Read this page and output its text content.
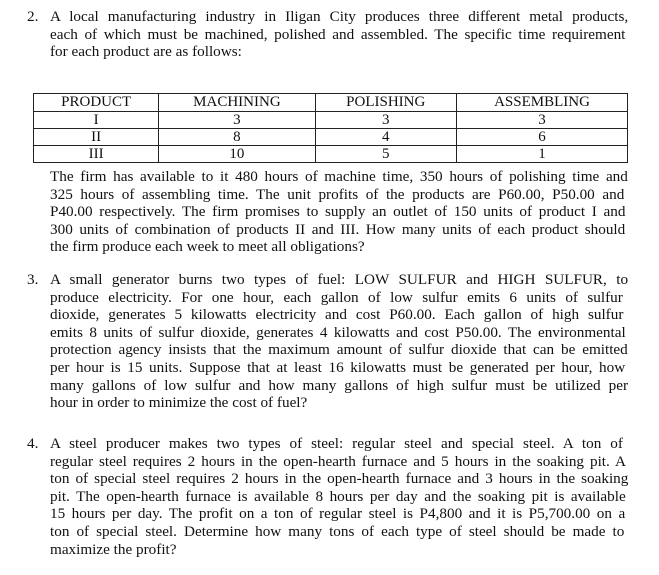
2. A local manufacturing industry in Iligan City produces three different metal products,
each of which must be machined, polished and assembled. The specific time requirement
for each product are as follows:
PRODUCT	MACHINING	POLISHING	ASSEMBLING
I	3	3	3
II	8	4	6
III	10	5	1
The firm has available to it 480 hours of machine time, 350 hours of polishing time and
325 hours of assembling time. The unit profits of the products are P60.00, P50.00 and
P40.00 respectively. The firm promises to supply an outlet of 150 units of product I and
300 units of combination of products II and III. How many units of each product should
the firm produce each week to meet all obligations?
3. A small generator burns two types of fuel: LOW SULFUR and HIGH SULFUR, to
produce electricity. For one hour, each gallon of low sulfur emits 6 units of sulfur
dioxide, generates 5 kilowatts electricity and cost P60.00. Each gallon of high sulfur
emits 8 units of sulfur dioxide, generates 4 kilowatts and cost P50.00. The environmental
protection agency insists that the maximum amount of sulfur dioxide that can be emitted
per hour is 15 units. Suppose that at least 16 kilowatts must be generated per hour, how
many gallons of low sulfur and how many gallons of high sulfur must be utilized per
hour in order to minimize the cost of fuel?
4. A steel producer makes two types of steel: regular steel and special steel. A ton of
regular steel requires 2 hours in the open-hearth furnace and 5 hours in the soaking pit. A
ton of special steel requires 2 hours in the open-hearth furnace and 3 hours in the soaking
pit. The open-hearth furnace is available 8 hours per day and the soaking pit is available
15 hours per day. The profit on a ton of regular steel is P4,800 and it is P5,700.00 on a
ton of special steel. Determine how many tons of each type of steel should be made to
maximize the profit?
